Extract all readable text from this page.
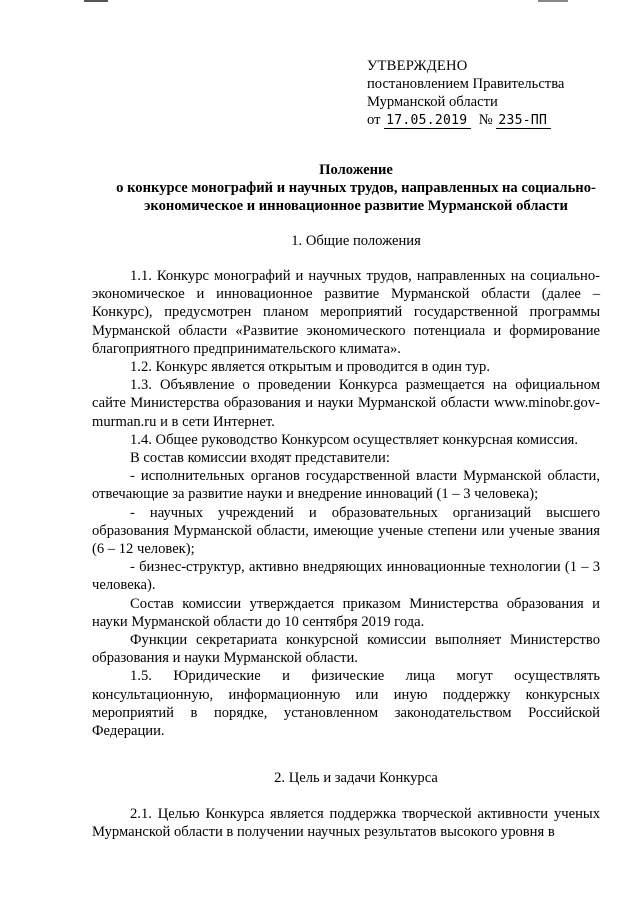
УТВЕРЖДЕНО
постановлением Правительства
Мурманской области
от 17.05.2019 № 235-ПП
Положение
о конкурсе монографий и научных трудов, направленных на социально-
экономическое и инновационное развитие Мурманской области
1. Общие положения

1.1. Конкурс монографий и научных трудов, направленных на социально-экономическое и инновационное развитие Мурманской области (далее – Конкурс), предусмотрен планом мероприятий государственной программы Мурманской области «Развитие экономического потенциала и формирование благоприятного предпринимательского климата».

1.2. Конкурс является открытым и проводится в один тур.

1.3. Объявление о проведении Конкурса размещается на официальном сайте Министерства образования и науки Мурманской области www.minobr.gov-murman.ru и в сети Интернет.

1.4. Общее руководство Конкурсом осуществляет конкурсная комиссия.

В состав комиссии входят представители:

- исполнительных органов государственной власти Мурманской области, отвечающие за развитие науки и внедрение инноваций (1 – 3 человека);

- научных учреждений и образовательных организаций высшего образования Мурманской области, имеющие ученые степени или ученые звания (6 – 12 человек);

- бизнес-структур, активно внедряющих инновационные технологии (1 – 3 человека).

Состав комиссии утверждается приказом Министерства образования и науки Мурманской области до 10 сентября 2019 года.

Функции секретариата конкурсной комиссии выполняет Министерство образования и науки Мурманской области.

1.5. Юридические и физические лица могут осуществлять консультационную, информационную или иную поддержку конкурсных мероприятий в порядке, установленном законодательством Российской Федерации.

2. Цель и задачи Конкурса

2.1. Целью Конкурса является поддержка творческой активности ученых Мурманской области в получении научных результатов высокого уровня в
